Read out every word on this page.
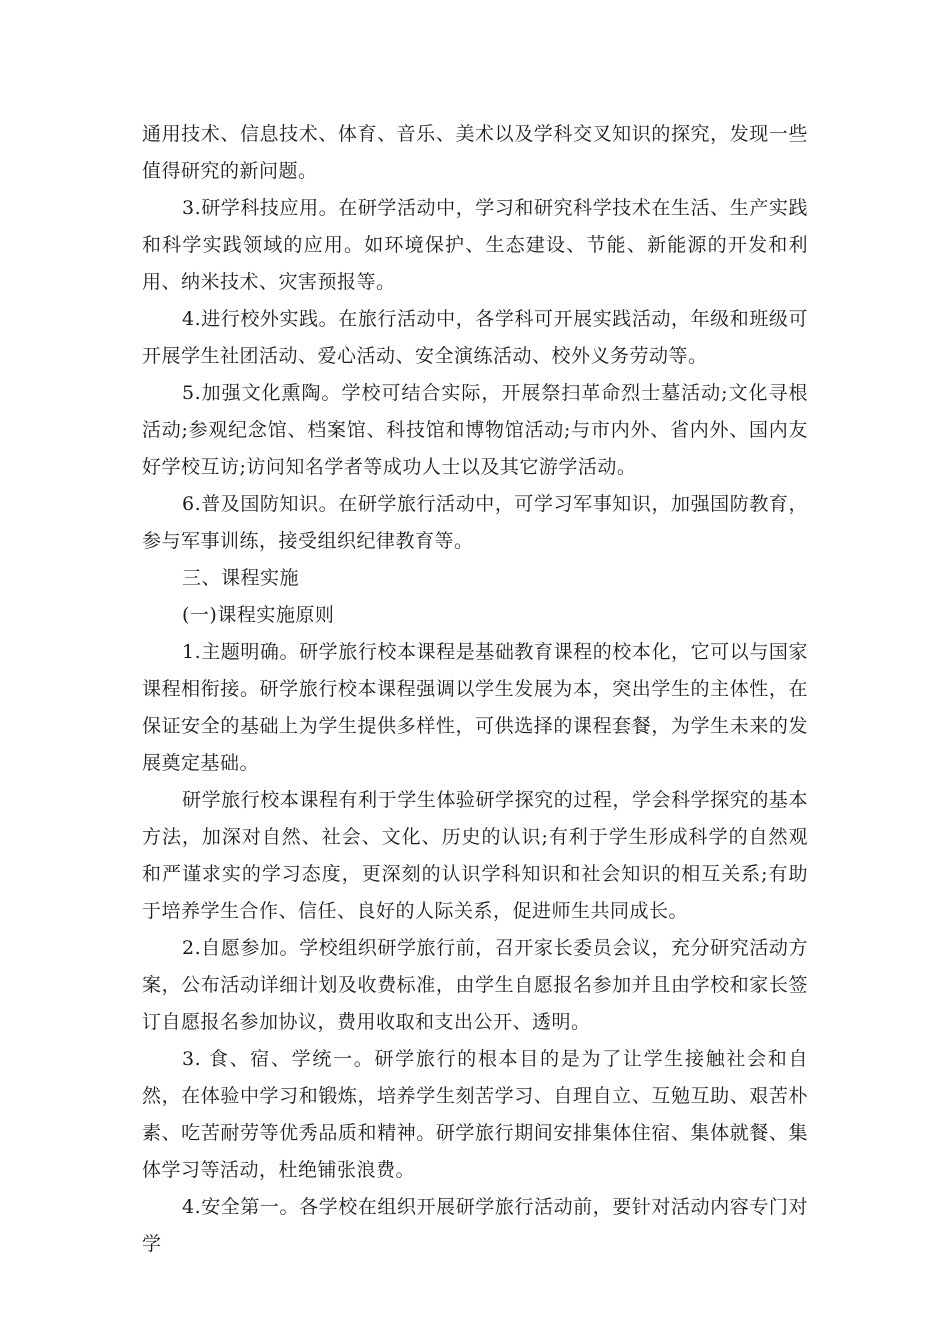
通用技术、信息技术、体育、音乐、美术以及学科交叉知识的探究，发现一些值得研究的新问题。

3.研学科技应用。在研学活动中，学习和研究科学技术在生活、生产实践和科学实践领域的应用。如环境保护、生态建设、节能、新能源的开发和利用、纳米技术、灾害预报等。

4.进行校外实践。在旅行活动中，各学科可开展实践活动，年级和班级可开展学生社团活动、爱心活动、安全演练活动、校外义务劳动等。

5.加强文化熏陶。学校可结合实际，开展祭扫革命烈士墓活动;文化寻根活动;参观纪念馆、档案馆、科技馆和博物馆活动;与市内外、省内外、国内友好学校互访;访问知名学者等成功人士以及其它游学活动。

6.普及国防知识。在研学旅行活动中，可学习军事知识，加强国防教育，参与军事训练，接受组织纪律教育等。

三、课程实施

(一)课程实施原则

1.主题明确。研学旅行校本课程是基础教育课程的校本化，它可以与国家课程相衔接。研学旅行校本课程强调以学生发展为本，突出学生的主体性，在保证安全的基础上为学生提供多样性，可供选择的课程套餐，为学生未来的发展奠定基础。

研学旅行校本课程有利于学生体验研学探究的过程，学会科学探究的基本方法，加深对自然、社会、文化、历史的认识;有利于学生形成科学的自然观和严谨求实的学习态度，更深刻的认识学科知识和社会知识的相互关系;有助于培养学生合作、信任、良好的人际关系，促进师生共同成长。

2.自愿参加。学校组织研学旅行前，召开家长委员会议，充分研究活动方案，公布活动详细计划及收费标准，由学生自愿报名参加并且由学校和家长签订自愿报名参加协议，费用收取和支出公开、透明。

3. 食、宿、学统一。研学旅行的根本目的是为了让学生接触社会和自然，在体验中学习和锻炼，培养学生刻苦学习、自理自立、互勉互助、艰苦朴素、吃苦耐劳等优秀品质和精神。研学旅行期间安排集体住宿、集体就餐、集体学习等活动，杜绝铺张浪费。

4.安全第一。各学校在组织开展研学旅行活动前，要针对活动内容专门对学
